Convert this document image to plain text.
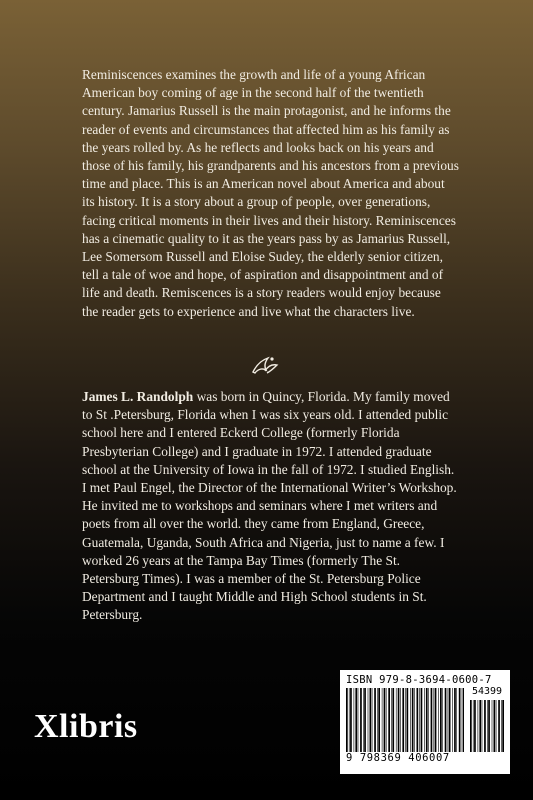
Reminiscences examines the growth and life of a young African American boy coming of age in the second half of the twentieth century. Jamarius Russell is the main protagonist, and he informs the reader of events and circumstances that affected him as his family as the years rolled by. As he reflects and looks back on his years and those of his family, his grandparents and his ancestors from a previous time and place. This is an American novel about America and about its history. It is a story about a group of people, over generations, facing critical moments in their lives and their history. Reminiscences has a cinematic quality to it as the years pass by as Jamarius Russell, Lee Somersom Russell and Eloise Sudey, the elderly senior citizen, tell a tale of woe and hope, of aspiration and disappointment and of life and death. Remiscences is a story readers would enjoy because the reader gets to experience and live what the characters live.

James L. Randolph was born in Quincy, Florida. My family moved to St .Petersburg, Florida when I was six years old. I attended public school here and I entered Eckerd College (formerly Florida Presbyterian College) and I graduate in 1972. I attended graduate school at the University of Iowa in the fall of 1972. I studied English. I met Paul Engel, the Director of the International Writer’s Workshop. He invited me to workshops and seminars where I met writers and poets from all over the world. they came from England, Greece, Guatemala, Uganda, South Africa and Nigeria, just to name a few. I worked 26 years at the Tampa Bay Times (formerly The St. Petersburg Times). I was a member of the St. Petersburg Police Department and I taught Middle and High School students in St. Petersburg.

Xlibris
ISBN 979-8-3694-0600-7
54399
9 798369 406007
